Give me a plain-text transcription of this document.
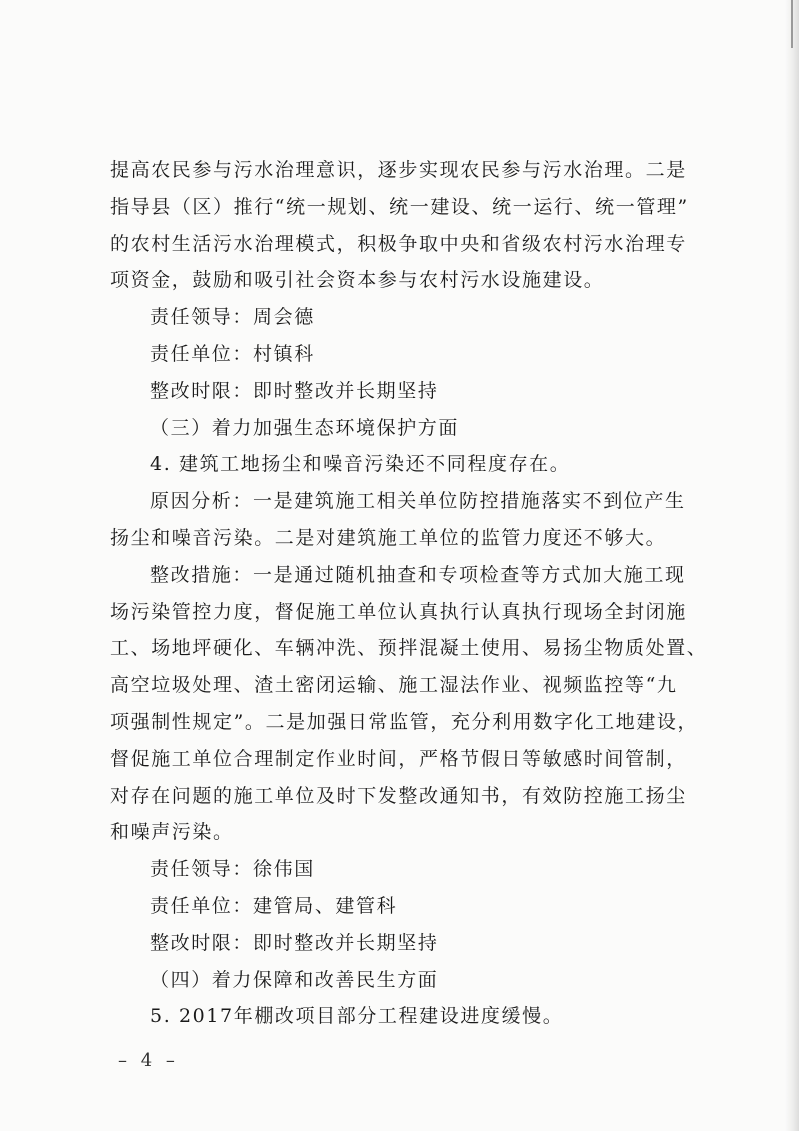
提高农民参与污水治理意识，逐步实现农民参与污水治理。二是
指导县（区）推行“统一规划、统一建设、统一运行、统一管理”
的农村生活污水治理模式，积极争取中央和省级农村污水治理专
项资金，鼓励和吸引社会资本参与农村污水设施建设。
责任领导：周会德
责任单位：村镇科
整改时限：即时整改并长期坚持
（三）着力加强生态环境保护方面
4. 建筑工地扬尘和噪音污染还不同程度存在。
原因分析：一是建筑施工相关单位防控措施落实不到位产生
扬尘和噪音污染。二是对建筑施工单位的监管力度还不够大。
整改措施：一是通过随机抽查和专项检查等方式加大施工现
场污染管控力度，督促施工单位认真执行认真执行现场全封闭施
工、场地坪硬化、车辆冲洗、预拌混凝土使用、易扬尘物质处置、
高空垃圾处理、渣土密闭运输、施工湿法作业、视频监控等“九
项强制性规定”。二是加强日常监管，充分利用数字化工地建设，
督促施工单位合理制定作业时间，严格节假日等敏感时间管制，
对存在问题的施工单位及时下发整改通知书，有效防控施工扬尘
和噪声污染。
责任领导：徐伟国
责任单位：建管局、建管科
整改时限：即时整改并长期坚持
（四）着力保障和改善民生方面
5. 2017年棚改项目部分工程建设进度缓慢。
– 4 –
